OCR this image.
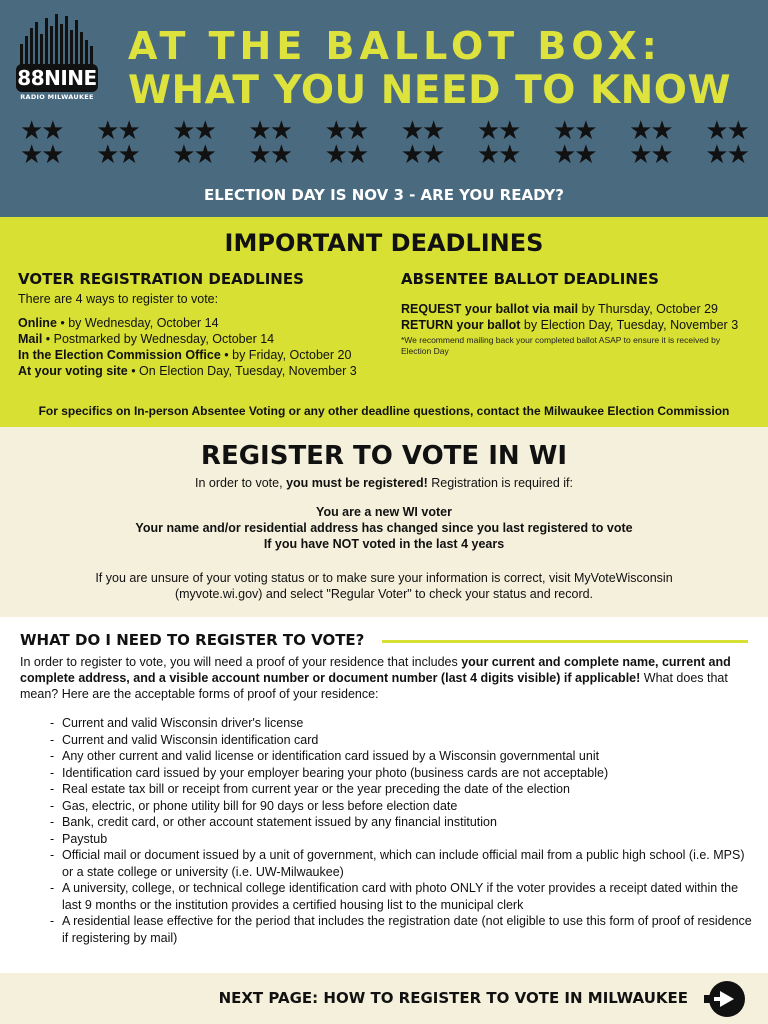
88NINE
RADIO MILWAUKEE
AT THE BALLOT BOX:
WHAT YOU NEED TO KNOW
★★
★★
★★
★★
★★
★★
★★
★★
★★
★★
★★
★★
★★
★★
★★
★★
★★
★★
★★
★★
ELECTION DAY IS NOV 3 - ARE YOU READY?
IMPORTANT DEADLINES
VOTER REGISTRATION DEADLINES
There are 4 ways to register to vote:
Online • by Wednesday, October 14
Mail • Postmarked by Wednesday, October 14
In the Election Commission Office • by Friday, October 20
At your voting site • On Election Day, Tuesday, November 3
ABSENTEE BALLOT DEADLINES
REQUEST your ballot via mail by Thursday, October 29
RETURN your ballot by Election Day, Tuesday, November 3
*We recommend mailing back your completed ballot ASAP to ensure it is received by Election Day
For specifics on In-person Absentee Voting or any other deadline questions, contact the Milwaukee Election Commission
REGISTER TO VOTE IN WI
In order to vote, you must be registered! Registration is required if:
You are a new WI voter
Your name and/or residential address has changed since you last registered to vote
If you have NOT voted in the last 4 years
If you are unsure of your voting status or to make sure your information is correct, visit MyVoteWisconsin
(myvote.wi.gov) and select "Regular Voter" to check your status and record.
WHAT DO I NEED TO REGISTER TO VOTE?
In order to register to vote, you will need a proof of your residence that includes your current and complete name, current and complete address, and a visible account number or document number (last 4 digits visible) if applicable! What does that mean? Here are the acceptable forms of proof of your residence:
- Current and valid Wisconsin driver's license
- Current and valid Wisconsin identification card
- Any other current and valid license or identification card issued by a Wisconsin governmental unit
- Identification card issued by your employer bearing your photo (business cards are not acceptable)
- Real estate tax bill or receipt from current year or the year preceding the date of the election
- Gas, electric, or phone utility bill for 90 days or less before election date
- Bank, credit card, or other account statement issued by any financial institution
- Paystub
- Official mail or document issued by a unit of government, which can include official mail from a public high school (i.e. MPS) or a state college or university (i.e. UW-Milwaukee)
- A university, college, or technical college identification card with photo ONLY if the voter provides a receipt dated within the last 9 months or the institution provides a certified housing list to the municipal clerk
- A residential lease effective for the period that includes the registration date (not eligible to use this form of proof of residence if registering by mail)
NEXT PAGE: HOW TO REGISTER TO VOTE IN MILWAUKEE
